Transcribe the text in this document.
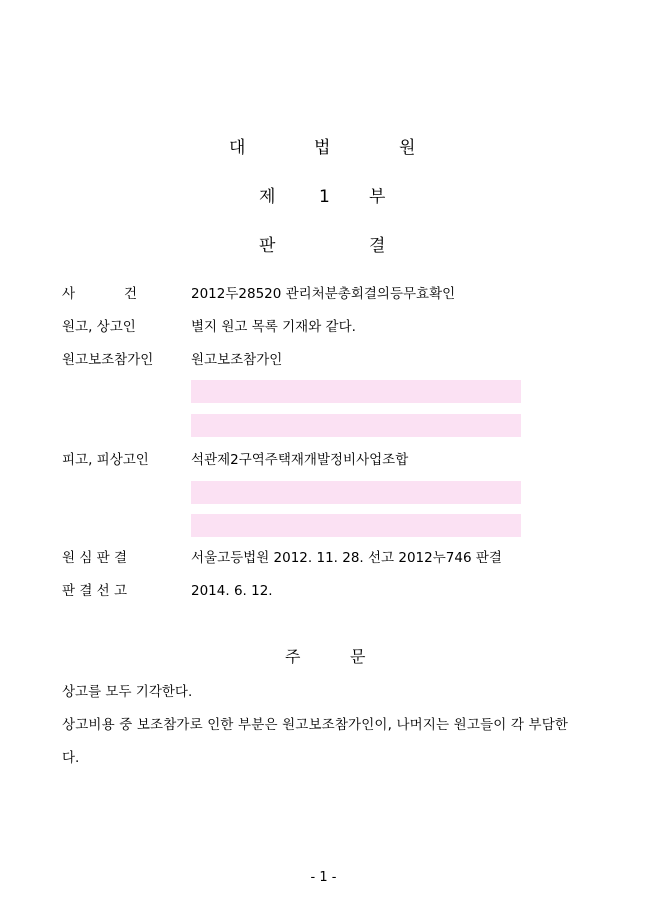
대	법	원
제	1 부
판	결
사	건	2012두28520 관리처분총회결의등무효확인
원고, 상고인	별지 원고 목록 기재와 같다.
원고보조참가인	원고보조참가인
피고, 피상고인	석관제2구역주택재개발정비사업조합
원 심 판 결	서울고등법원 2012. 11. 28. 선고 2012누746 판결
판 결 선 고	2014. 6. 12.
주	문
상고를 모두 기각한다.
상고비용 중 보조참가로 인한 부분은 원고보조참가인이, 나머지는 원고들이 각 부담한
다.
- 1 -
